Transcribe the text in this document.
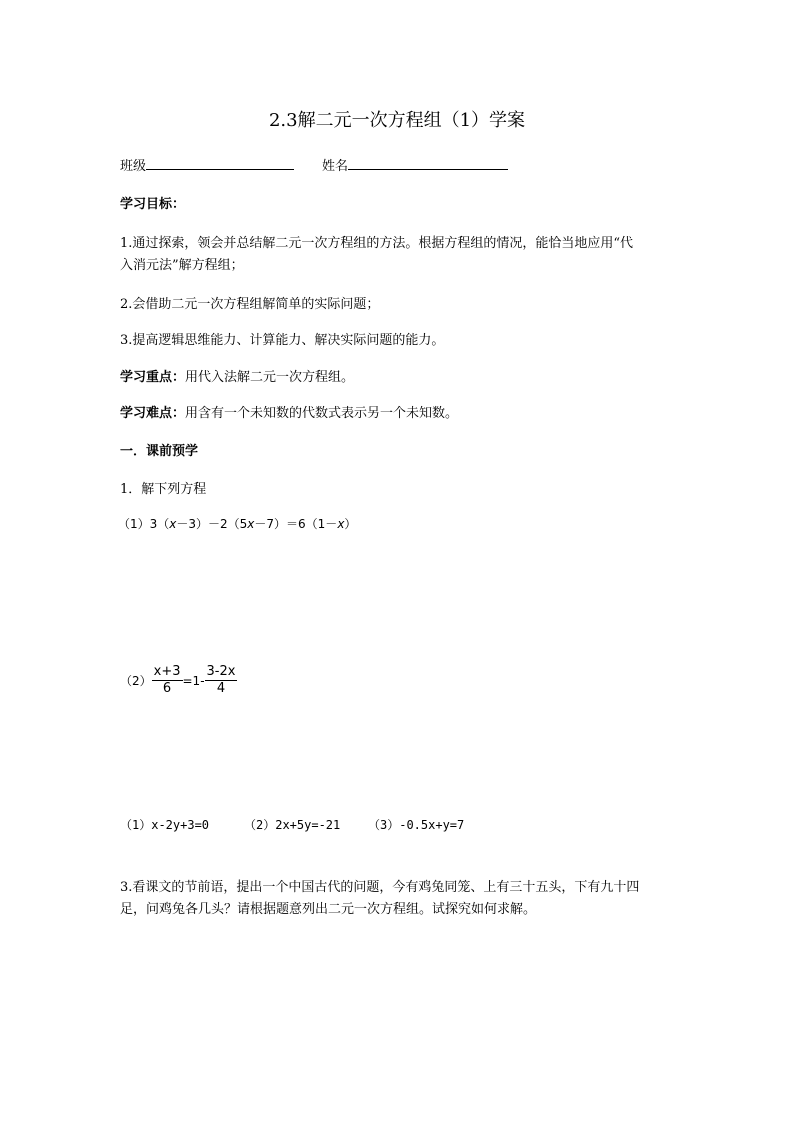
2.3解二元一次方程组（1）学案
班级	姓名
学习目标：
1.通过探索，领会并总结解二元一次方程组的方法。根据方程组的情况，能恰当地应用“代
入消元法”解方程组；
2.会借助二元一次方程组解简单的实际问题；
3.提高逻辑思维能力、计算能力、解决实际问题的能力。
学习重点：用代入法解二元一次方程组。
学习难点：用含有一个未知数的代数式表示另一个未知数。
一．课前预学
1．解下列方程
（1）3（x－3）－2（5x－7）＝6（1－x）
$(2) \frac{x+3}{6} =1- \frac{3-2x}{4}$
（1）x-2y+3=0	（2）2x+5y=-21 （3）-0.5x+y=7
3.看课文的节前语，提出一个中国古代的问题，今有鸡兔同笼、上有三十五头，下有九十四
足，问鸡兔各几头？请根据题意列出二元一次方程组。试探究如何求解。
